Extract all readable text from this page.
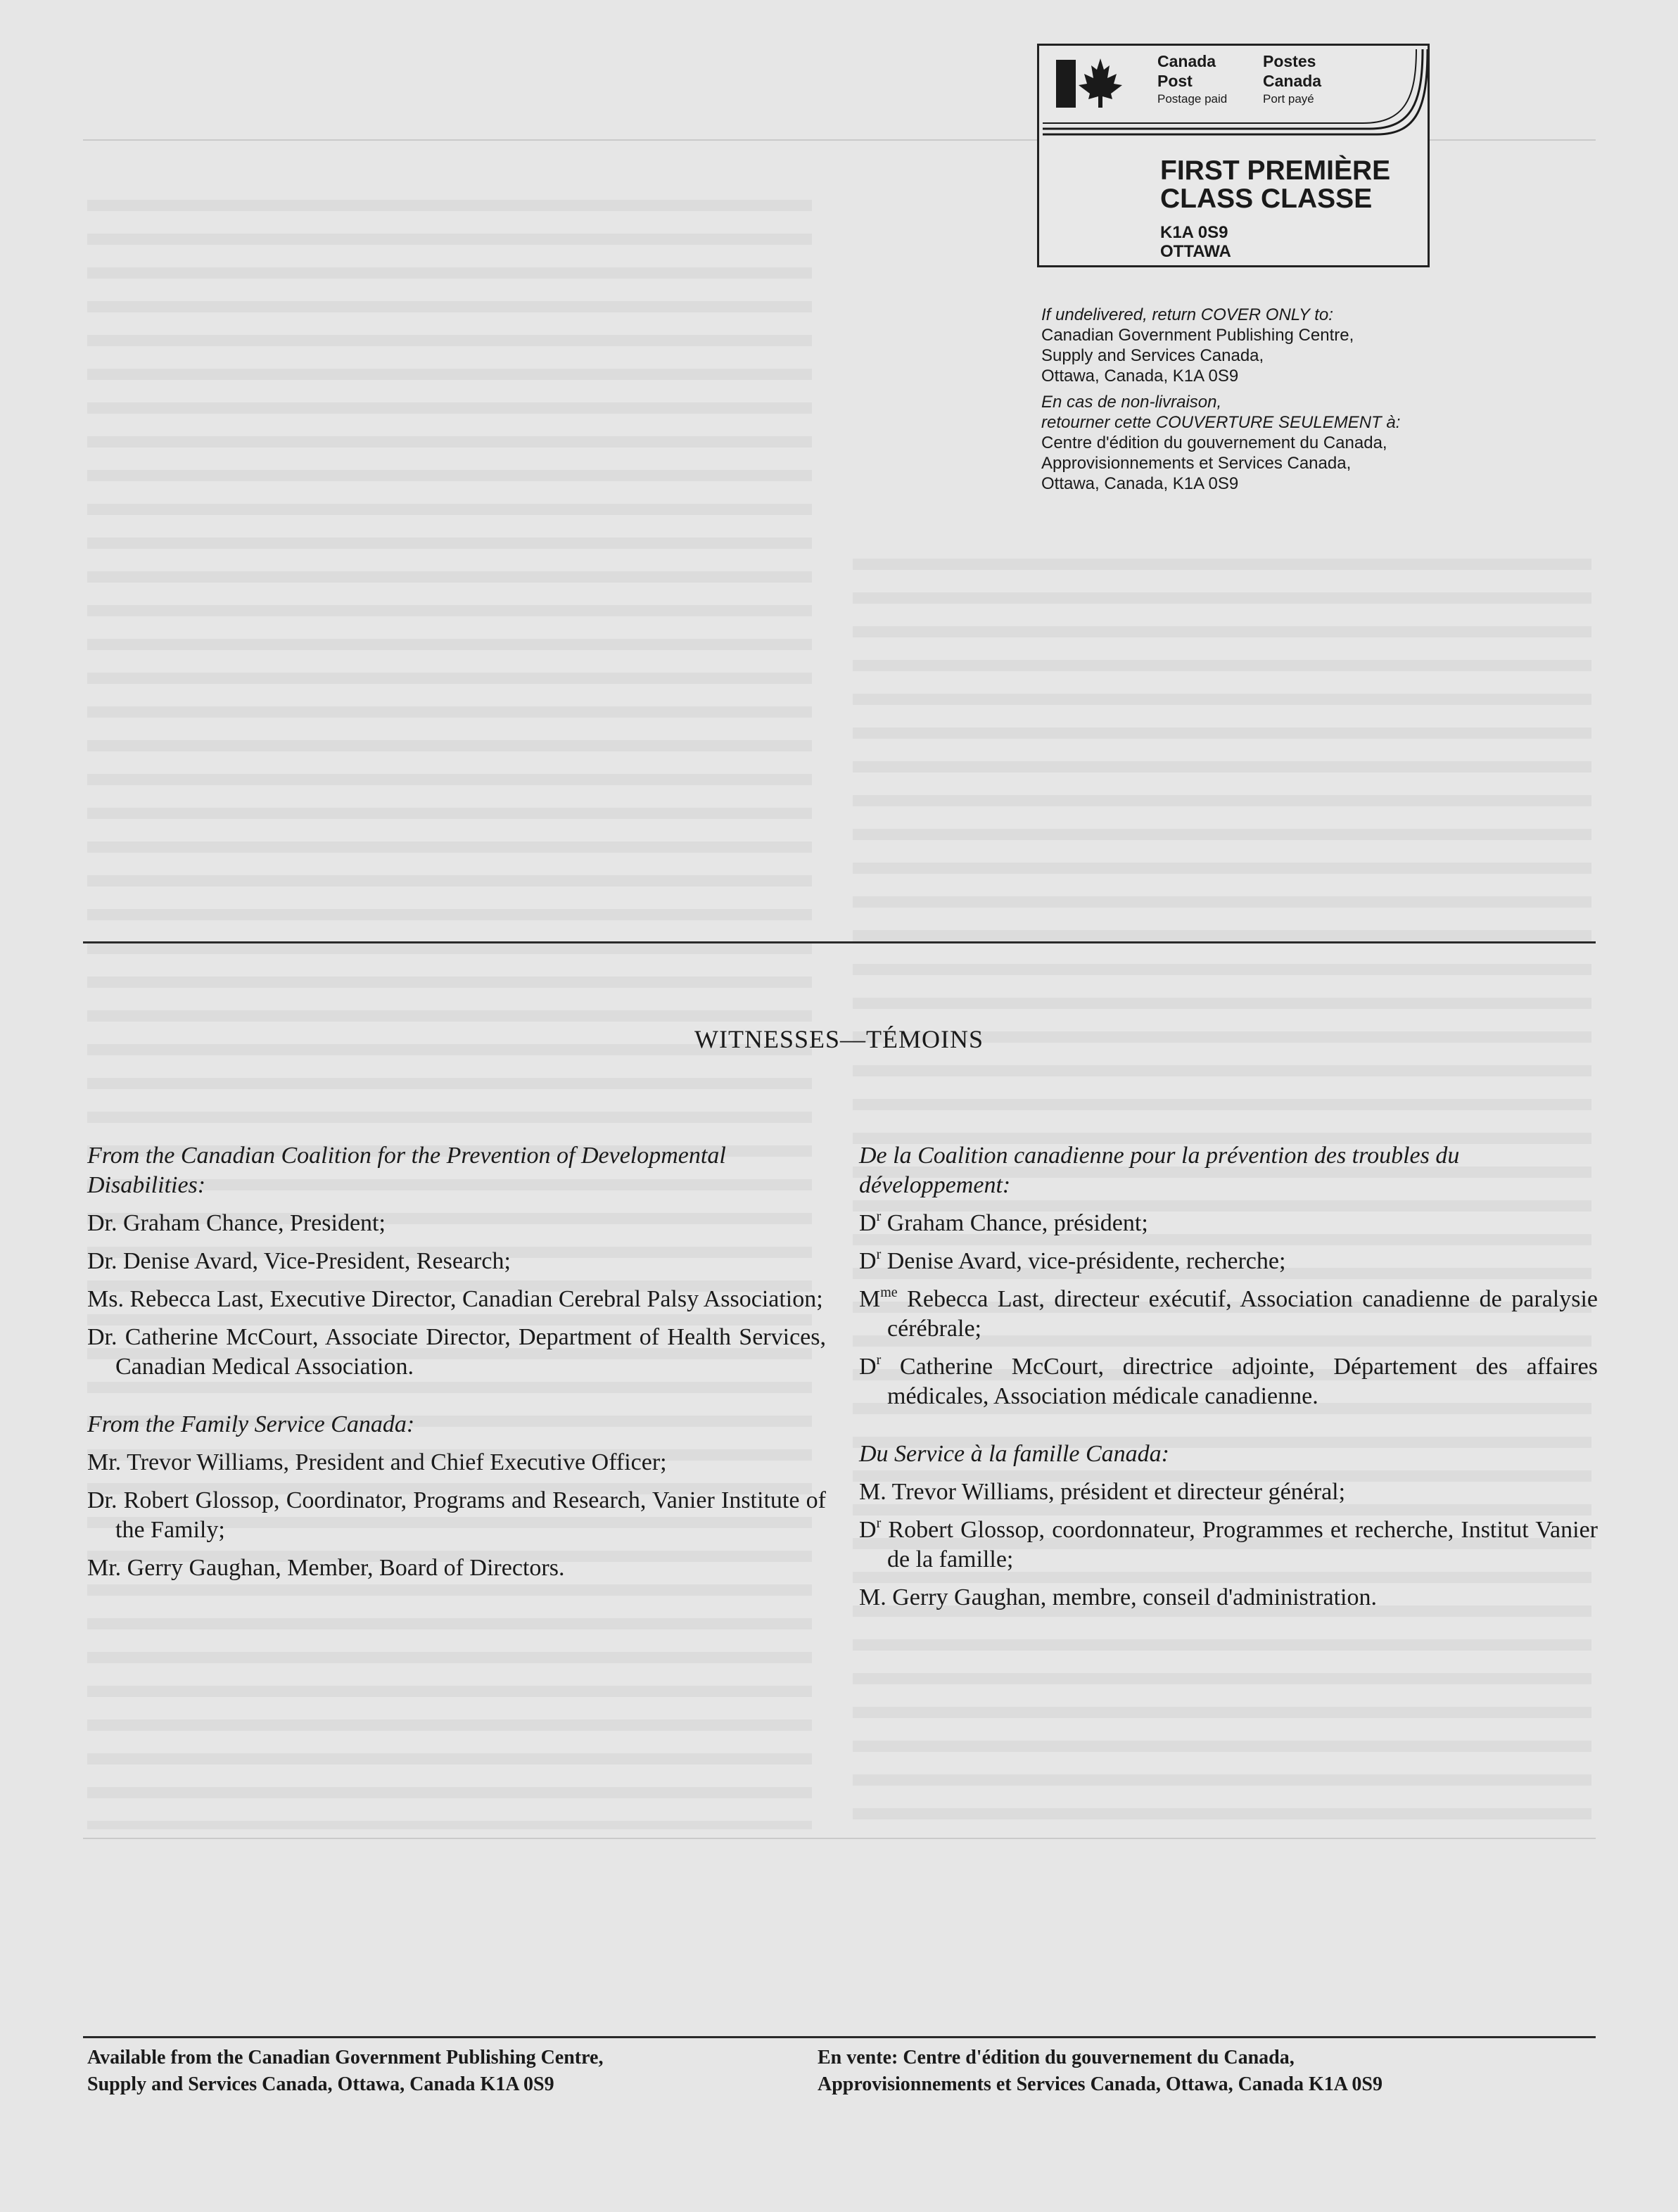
Canada
Post
Postage paid
Postes
Canada
Port payé
FIRST PREMIÈRE
CLASS CLASSE
K1A 0S9
OTTAWA

If undelivered, return COVER ONLY to:

Canadian Government Publishing Centre,

Supply and Services Canada,

Ottawa, Canada, K1A 0S9

En cas de non-livraison,

retourner cette COUVERTURE SEULEMENT à:

Centre d'édition du gouvernement du Canada,

Approvisionnements et Services Canada,

Ottawa, Canada, K1A 0S9

WITNESSES—TÉMOINS

From the Canadian Coalition for the Prevention of Developmental Disabilities:

Dr. Graham Chance, President;

Dr. Denise Avard, Vice-President, Research;

Ms. Rebecca Last, Executive Director, Canadian Cerebral Palsy Association;

Dr. Catherine McCourt, Associate Director, Department of Health Services, Canadian Medical Association.

From the Family Service Canada:

Mr. Trevor Williams, President and Chief Executive Officer;

Dr. Robert Glossop, Coordinator, Programs and Research, Vanier Institute of the Family;

Mr. Gerry Gaughan, Member, Board of Directors.

De la Coalition canadienne pour la prévention des troubles du développement:

$D^r$ Graham Chance, président;

$D^r$ Denise Avard, vice-présidente, recherche;

$M^{me}$ Rebecca Last, directeur exécutif, Association canadienne de paralysie cérébrale;

$D^r$ Catherine McCourt, directrice adjointe, Département des affaires médicales, Association médicale canadienne.

Du Service à la famille Canada:

M. Trevor Williams, président et directeur général;

$D^r$ Robert Glossop, coordonnateur, Programmes et recherche, Institut Vanier de la famille;

M. Gerry Gaughan, membre, conseil d'administration.

Available from the Canadian Government Publishing Centre,
Supply and Services Canada, Ottawa, Canada K1A 0S9
En vente: Centre d'édition du gouvernement du Canada,
Approvisionnements et Services Canada, Ottawa, Canada K1A 0S9
